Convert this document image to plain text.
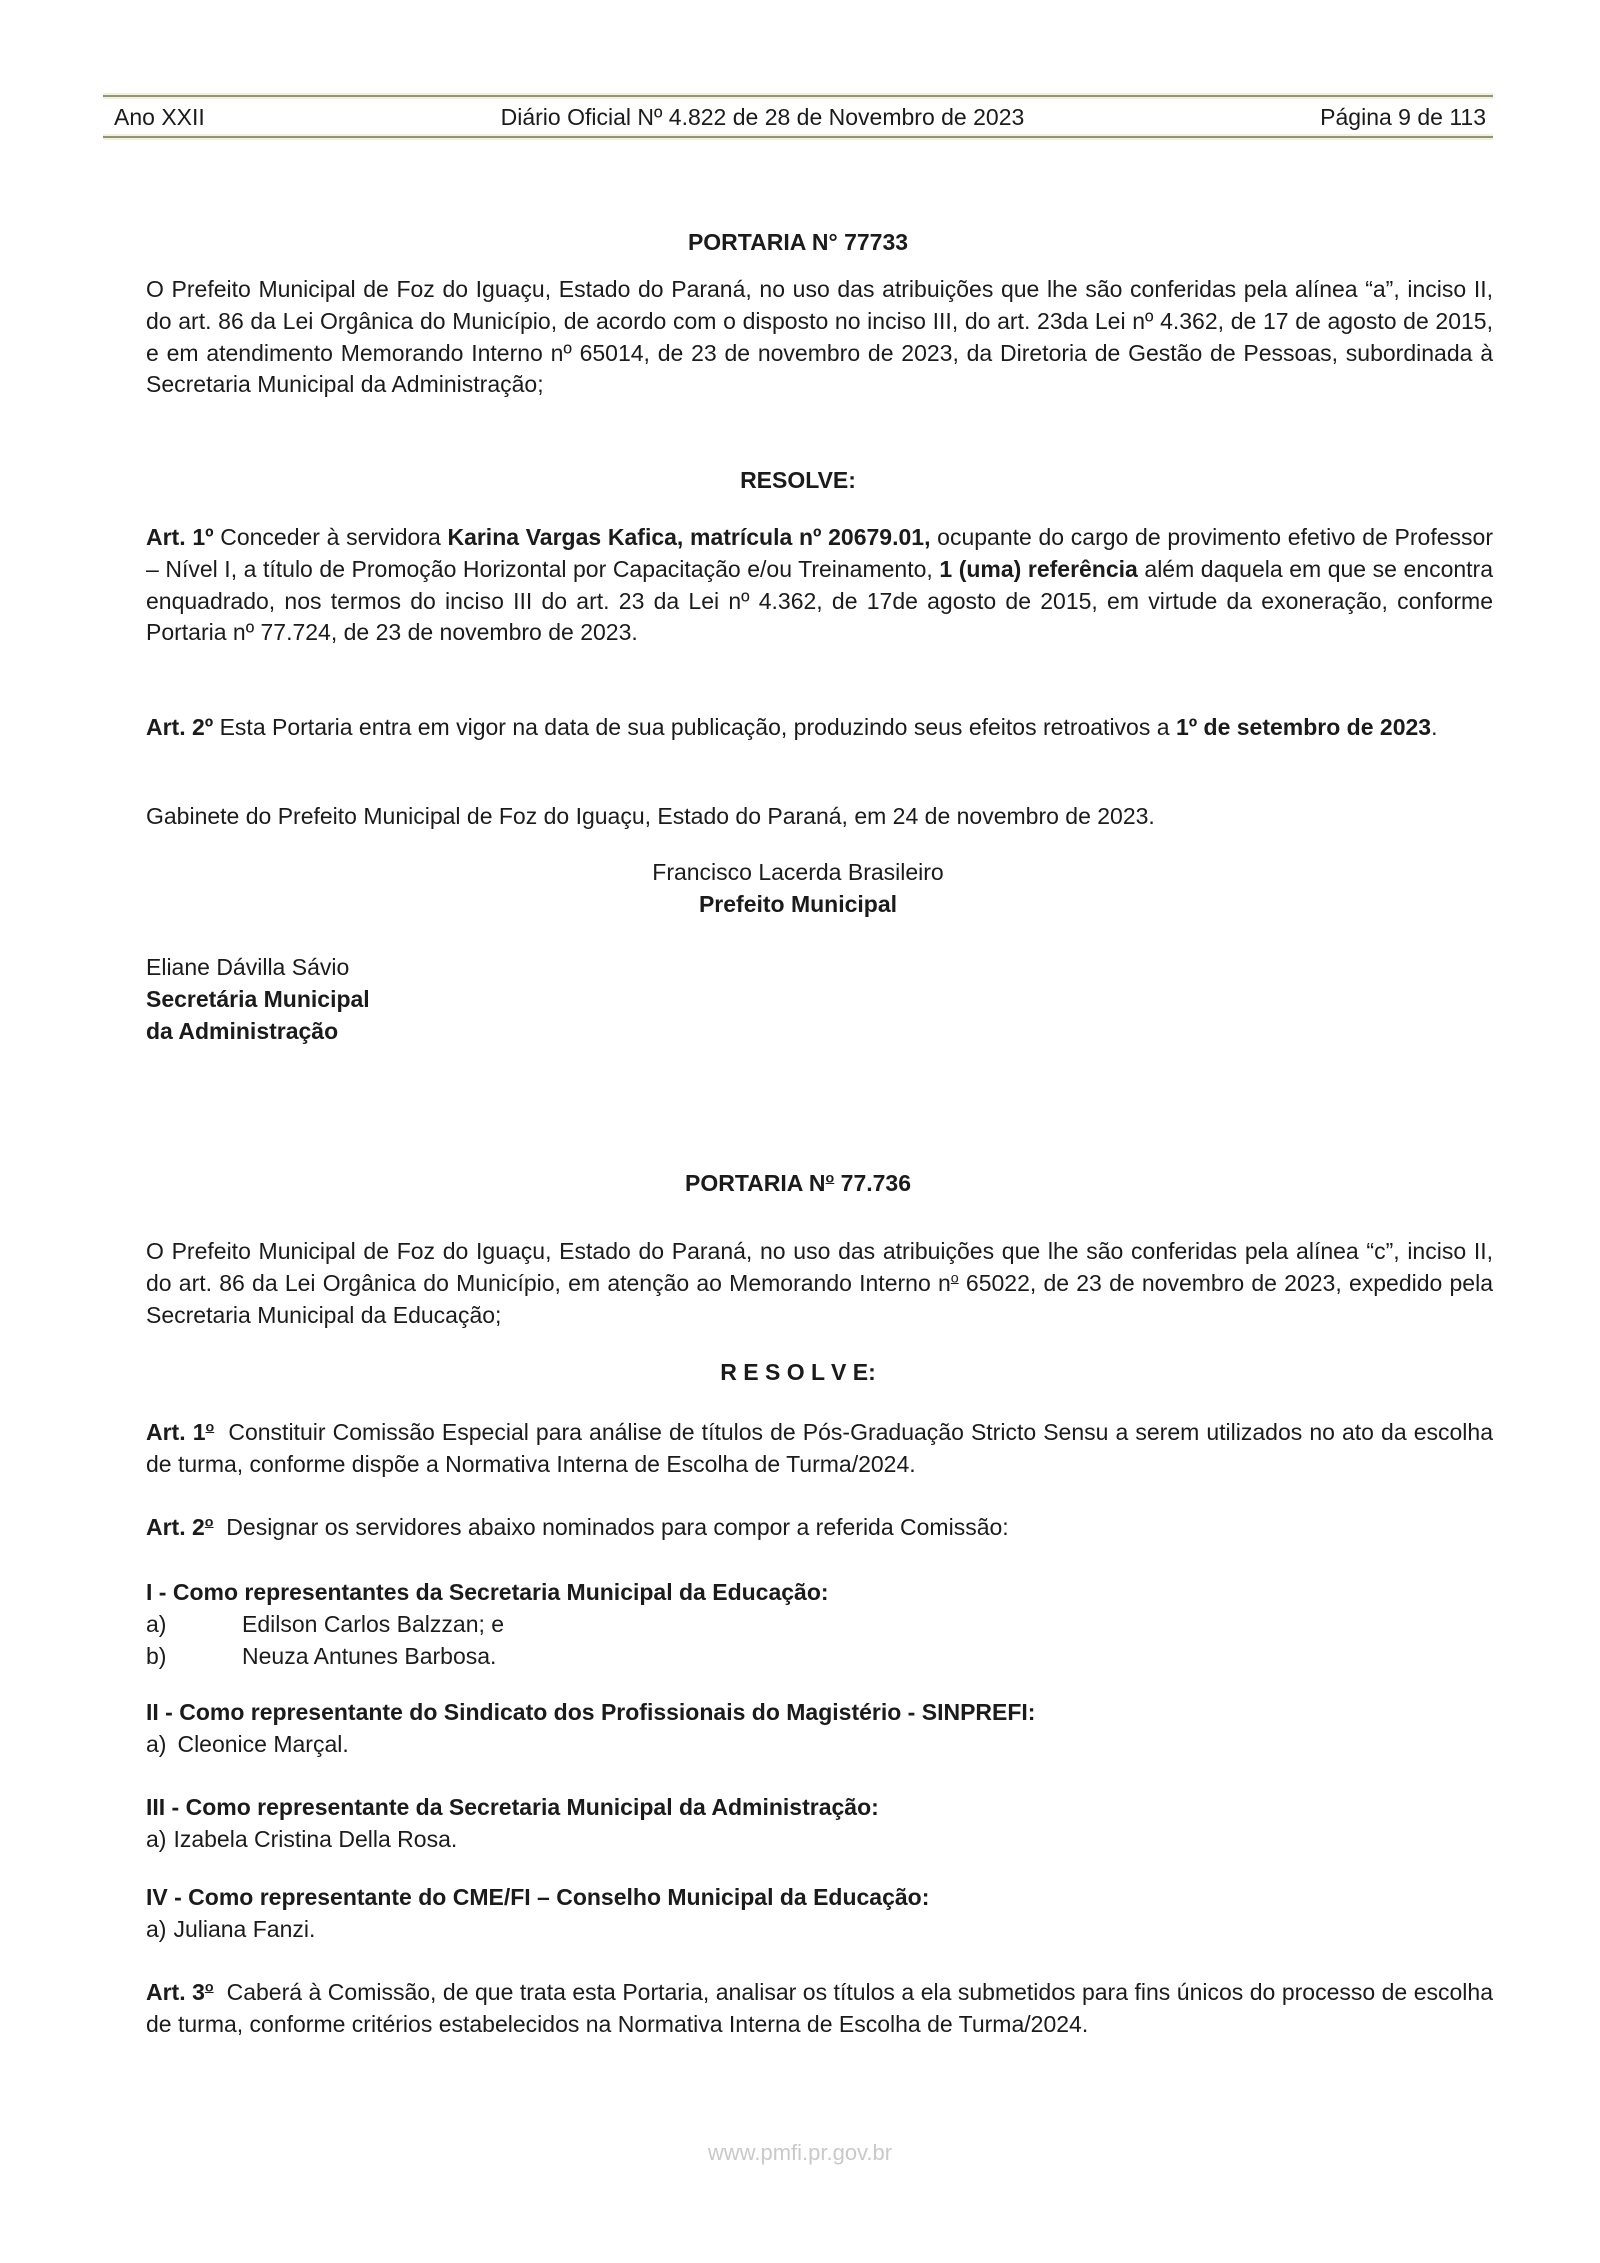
Ano XXII	Diário Oficial Nº 4.822 de 28 de Novembro de 2023	Página 9 de 113
PORTARIA N° 77733
O Prefeito Municipal de Foz do Iguaçu, Estado do Paraná, no uso das atribuições que lhe são conferidas pela alínea “a”, inciso II, do art. 86 da Lei Orgânica do Município, de acordo com o disposto no inciso III, do art. 23da Lei nº 4.362, de 17 de agosto de 2015, e em atendimento Memorando Interno nº 65014, de 23 de novembro de 2023, da Diretoria de Gestão de Pessoas, subordinada à Secretaria Municipal da Administração;
RESOLVE:
Art. 1º Conceder à servidora Karina Vargas Kafica, matrícula nº 20679.01, ocupante do cargo de provimento efetivo de Professor – Nível I, a título de Promoção Horizontal por Capacitação e/ou Treinamento, 1 (uma) referência além daquela em que se encontra enquadrado, nos termos do inciso III do art. 23 da Lei nº 4.362, de 17de agosto de 2015, em virtude da exoneração, conforme Portaria nº 77.724, de 23 de novembro de 2023.
Art. 2º Esta Portaria entra em vigor na data de sua publicação, produzindo seus efeitos retroativos a 1º de setembro de 2023.
Gabinete do Prefeito Municipal de Foz do Iguaçu, Estado do Paraná, em 24 de novembro de 2023.
Francisco Lacerda Brasileiro
Prefeito Municipal
Eliane Dávilla Sávio
Secretária Municipal
da Administração
PORTARIA $N^o$ 77.736
O Prefeito Municipal de Foz do Iguaçu, Estado do Paraná, no uso das atribuições que lhe são conferidas pela alínea “c”, inciso II, do art. 86 da Lei Orgânica do Município, em atenção ao Memorando Interno $n^o$ 65022, de 23 de novembro de 2023, expedido pela Secretaria Municipal da Educação;
R E S O L V E:
Art. 1$^o$  Constituir Comissão Especial para análise de títulos de Pós-Graduação Stricto Sensu a serem utilizados no ato da escolha de turma, conforme dispõe a Normativa Interna de Escolha de Turma/2024.
Art. 2$^o$  Designar os servidores abaixo nominados para compor a referida Comissão:
I - Como representantes da Secretaria Municipal da Educação:
a)	Edilson Carlos Balzzan; e
b)	Neuza Antunes Barbosa.
II - Como representante do Sindicato dos Profissionais do Magistério - SINPREFI:
a) Cleonice Marçal.
III - Como representante da Secretaria Municipal da Administração:
a) Izabela Cristina Della Rosa.
IV - Como representante do CME/FI – Conselho Municipal da Educação:
a) Juliana Fanzi.
Art. 3$^o$  Caberá à Comissão, de que trata esta Portaria, analisar os títulos a ela submetidos para fins únicos do processo de escolha de turma, conforme critérios estabelecidos na Normativa Interna de Escolha de Turma/2024.
www.pmfi.pr.gov.br
